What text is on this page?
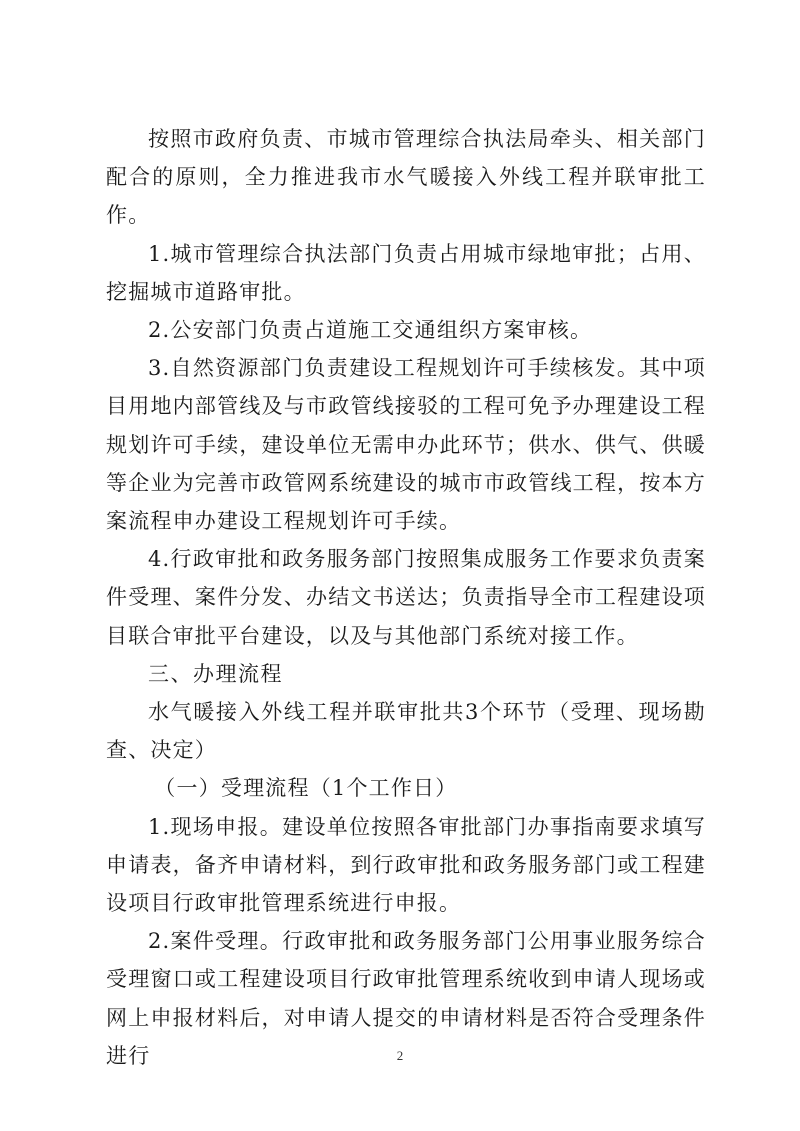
按照市政府负责、市城市管理综合执法局牵头、相关部门配合的原则，全力推进我市水气暖接入外线工程并联审批工作。

1.城市管理综合执法部门负责占用城市绿地审批；占用、挖掘城市道路审批。

2.公安部门负责占道施工交通组织方案审核。

3.自然资源部门负责建设工程规划许可手续核发。其中项目用地内部管线及与市政管线接驳的工程可免予办理建设工程规划许可手续，建设单位无需申办此环节；供水、供气、供暖等企业为完善市政管网系统建设的城市市政管线工程，按本方案流程申办建设工程规划许可手续。

4.行政审批和政务服务部门按照集成服务工作要求负责案件受理、案件分发、办结文书送达；负责指导全市工程建设项目联合审批平台建设，以及与其他部门系统对接工作。

三、办理流程

水气暖接入外线工程并联审批共3个环节（受理、现场勘查、决定）

（一）受理流程（1个工作日）

1.现场申报。建设单位按照各审批部门办事指南要求填写申请表，备齐申请材料，到行政审批和政务服务部门或工程建设项目行政审批管理系统进行申报。

2.案件受理。行政审批和政务服务部门公用事业服务综合受理窗口或工程建设项目行政审批管理系统收到申请人现场或网上申报材料后，对申请人提交的申请材料是否符合受理条件进行	2
